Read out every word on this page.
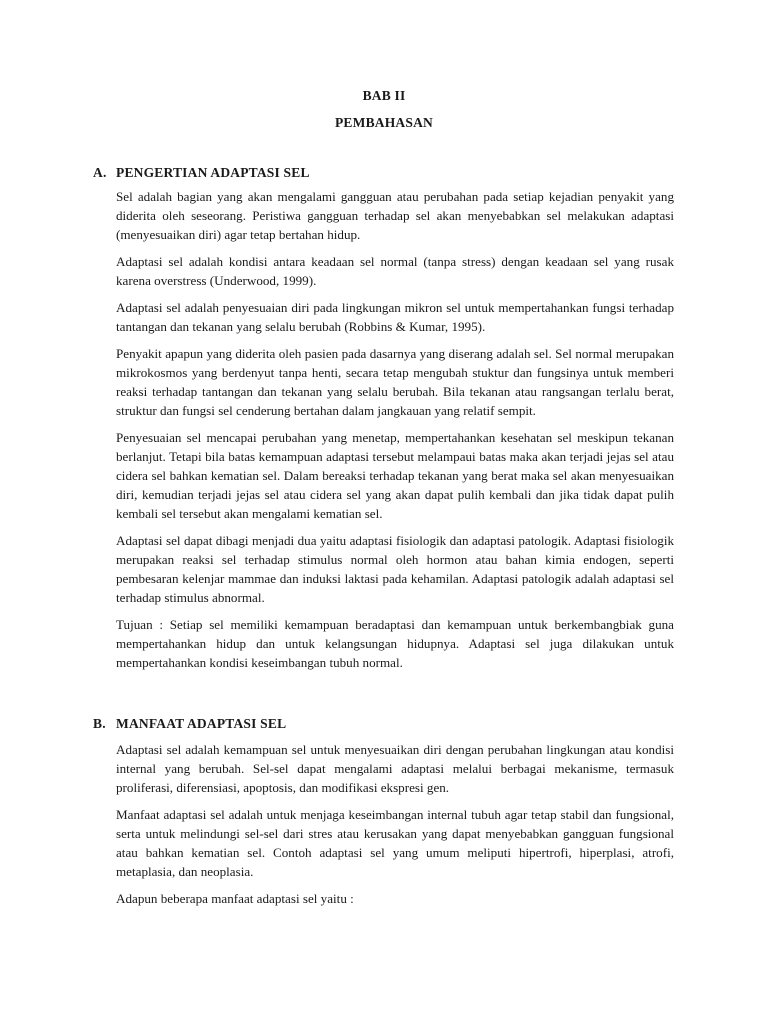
BAB II
PEMBAHASAN
A. PENGERTIAN ADAPTASI SEL

Sel adalah bagian yang akan mengalami gangguan atau perubahan pada setiap kejadian penyakit yang diderita oleh seseorang. Peristiwa gangguan terhadap sel akan menyebabkan sel melakukan adaptasi (menyesuaikan diri) agar tetap bertahan hidup.

Adaptasi sel adalah kondisi antara keadaan sel normal (tanpa stress) dengan keadaan sel yang rusak karena overstress (Underwood, 1999).

Adaptasi sel adalah penyesuaian diri pada lingkungan mikron sel untuk mempertahankan fungsi terhadap tantangan dan tekanan yang selalu berubah (Robbins & Kumar, 1995).

Penyakit apapun yang diderita oleh pasien pada dasarnya yang diserang adalah sel. Sel normal merupakan mikrokosmos yang berdenyut tanpa henti, secara tetap mengubah stuktur dan fungsinya untuk memberi reaksi terhadap tantangan dan tekanan yang selalu berubah. Bila tekanan atau rangsangan terlalu berat, struktur dan fungsi sel cenderung bertahan dalam jangkauan yang relatif sempit.

Penyesuaian sel mencapai perubahan yang menetap, mempertahankan kesehatan sel meskipun tekanan berlanjut. Tetapi bila batas kemampuan adaptasi tersebut melampaui batas maka akan terjadi jejas sel atau cidera sel bahkan kematian sel. Dalam bereaksi terhadap tekanan yang berat maka sel akan menyesuaikan diri, kemudian terjadi jejas sel atau cidera sel yang akan dapat pulih kembali dan jika tidak dapat pulih kembali sel tersebut akan mengalami kematian sel.

Adaptasi sel dapat dibagi menjadi dua yaitu adaptasi fisiologik dan adaptasi patologik. Adaptasi fisiologik merupakan reaksi sel terhadap stimulus normal oleh hormon atau bahan kimia endogen, seperti pembesaran kelenjar mammae dan induksi laktasi pada kehamilan. Adaptasi patologik adalah adaptasi sel terhadap stimulus abnormal.

Tujuan : Setiap sel memiliki kemampuan beradaptasi dan kemampuan untuk berkembangbiak guna mempertahankan hidup dan untuk kelangsungan hidupnya. Adaptasi sel juga dilakukan untuk mempertahankan kondisi keseimbangan tubuh normal.

B. MANFAAT ADAPTASI SEL

Adaptasi sel adalah kemampuan sel untuk menyesuaikan diri dengan perubahan lingkungan atau kondisi internal yang berubah. Sel-sel dapat mengalami adaptasi melalui berbagai mekanisme, termasuk proliferasi, diferensiasi, apoptosis, dan modifikasi ekspresi gen.

Manfaat adaptasi sel adalah untuk menjaga keseimbangan internal tubuh agar tetap stabil dan fungsional, serta untuk melindungi sel-sel dari stres atau kerusakan yang dapat menyebabkan gangguan fungsional atau bahkan kematian sel. Contoh adaptasi sel yang umum meliputi hipertrofi, hiperplasi, atrofi, metaplasia, dan neoplasia.

Adapun beberapa manfaat adaptasi sel yaitu :
